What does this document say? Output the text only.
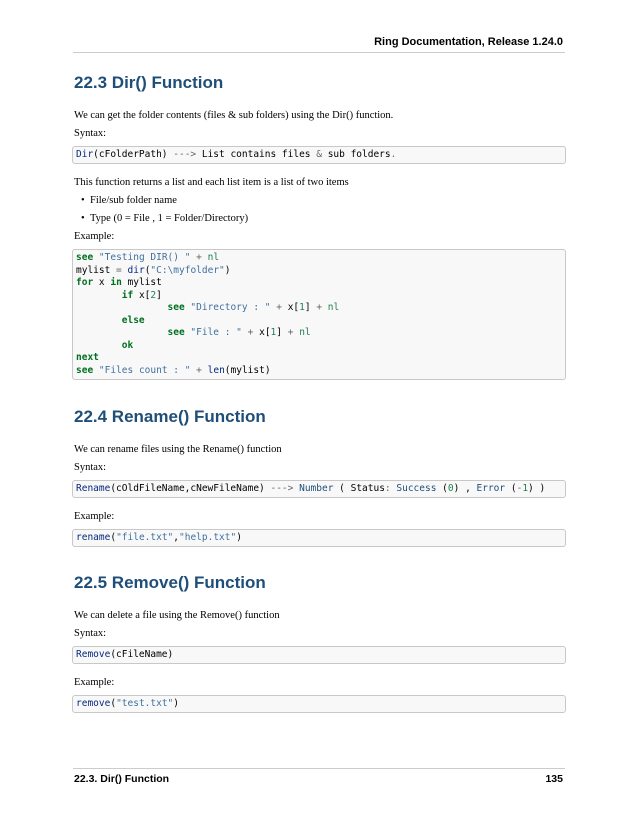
Ring Documentation, Release 1.24.0
22.3 Dir() Function

We can get the folder contents (files & sub folders) using the Dir() function.

Syntax:

Dir(cFolderPath) ---> List contains files & sub folders.

This function returns a list and each list item is a list of two items

• File/sub folder name
• Type (0 = File , 1 = Folder/Directory)

Example:

see "Testing DIR() " + nl
mylist = dir("C:\myfolder")
for x in mylist
if x[2]
see "Directory : " + x[1] + nl
else
see "File : " + x[1] + nl
ok
next
see "Files count : " + len(mylist)
22.4 Rename() Function

We can rename files using the Rename() function

Syntax:

Rename(cOldFileName,cNewFileName) ---> Number ( Status: Success (0) , Error (-1) )

Example:

rename("file.txt","help.txt")
22.5 Remove() Function

We can delete a file using the Remove() function

Syntax:

Remove(cFileName)

Example:

remove("test.txt")
22.3. Dir() Function	135
